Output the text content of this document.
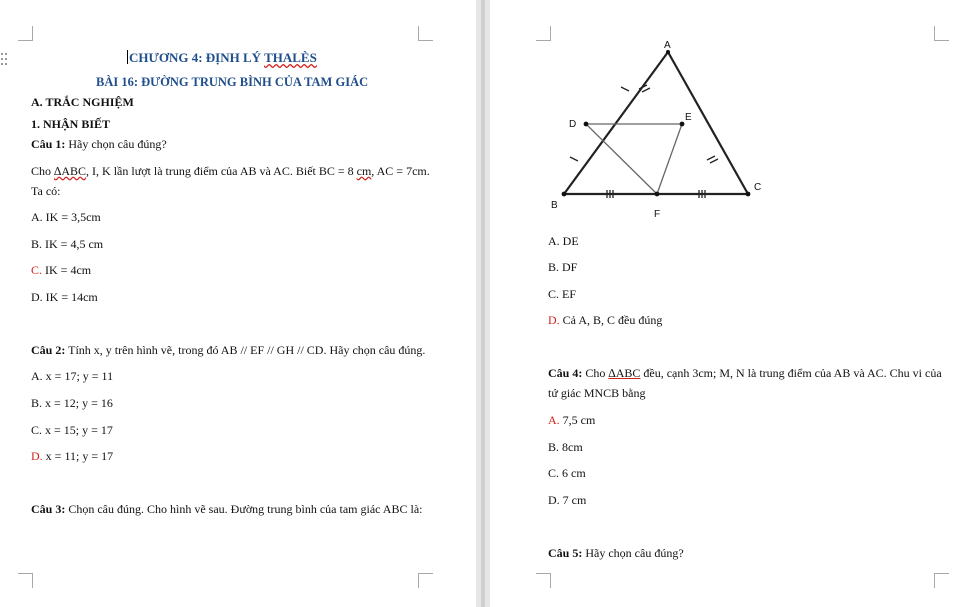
CHƯƠNG 4: ĐỊNH LÝ THALÈS
BÀI 16: ĐƯỜNG TRUNG BÌNH CỦA TAM GIÁC
A. TRẮC NGHIỆM
1. NHẬN BIẾT
Câu 1: Hãy chọn câu đúng?
Cho ∆ABC, I, K lần lượt là trung điểm của AB và AC. Biết BC = 8 cm, AC = 7cm.
Ta có:
A. IK = 3,5cm
B. IK = 4,5 cm
C. IK = 4cm
D. IK = 14cm
Câu 2: Tính x, y trên hình vẽ, trong đó AB // EF // GH // CD. Hãy chọn câu đúng.
A. x = 17; y = 11
B. x = 12; y = 16
C. x = 15; y = 17
D. x = 11; y = 17
Câu 3: Chọn câu đúng. Cho hình vẽ sau. Đường trung bình của tam giác ABC là:
A
B
C
D
E
F
A. DE
B. DF
C. EF
D. Cả A, B, C đều đúng
Câu 4: Cho ∆ABC đều, cạnh 3cm; M, N là trung điểm của AB và AC. Chu vi của
tứ giác MNCB bằng
A. 7,5 cm
B. 8cm
C. 6 cm
D. 7 cm
Câu 5: Hãy chọn câu đúng?
